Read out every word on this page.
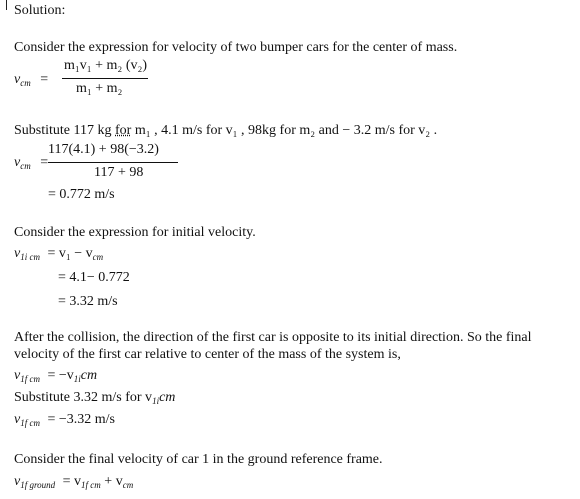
Solution:
Consider the expression for velocity of two bumper cars for the center of mass.
$v_{cm}$ =
m₁v₁ + m₂ (v₂)
m₁ + m₂
Substitute 117 kg for m₁ , 4.1 m/s for v₁ , 98kg for m₂ and − 3.2 m/s for v₂ .
$v_{cm}$ =
117(4.1) + 98(−3.2)
117 + 98
= 0.772 m/s
Consider the expression for initial velocity.
$v_{1i cm} = v_1 - v_{cm}$
= 4.1− 0.772
= 3.32 m/s
After the collision, the direction of the first car is opposite to its initial direction. So the final
velocity of the first car relative to center of the mass of the system is,
$v_{1f cm} = -v_{1i}cm$
Substitute 3.32 m/s for $v_{1i}cm$
$v_{1f cm} = -3.32$ m/s
Consider the final velocity of car 1 in the ground reference frame.
$v_{1f ground} = v_{1f cm} + v_{cm}$
